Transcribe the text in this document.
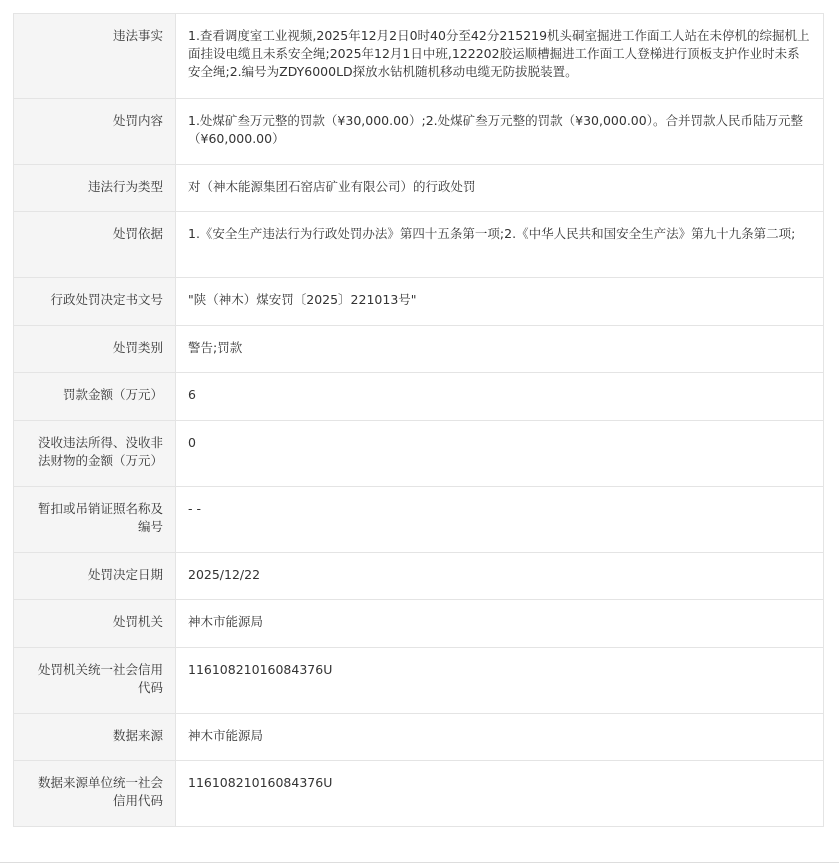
违法事实	1.查看调度室工业视频,2025年12月2日0时40分至42分215219机头硐室掘进工作面工人站在未停机的综掘机上面挂设电缆且未系安全绳;2025年12月1日中班,122202胶运顺槽掘进工作面工人登梯进行顶板支护作业时未系安全绳;2.编号为ZDY6000LD探放水钻机随机移动电缆无防拔脱装置。
处罚内容	1.处煤矿叁万元整的罚款（¥30,000.00）;2.处煤矿叁万元整的罚款（¥30,000.00）。合并罚款人民币陆万元整（¥60,000.00）
违法行为类型	对（神木能源集团石窑店矿业有限公司）的行政处罚
处罚依据	1.《安全生产违法行为行政处罚办法》第四十五条第一项;2.《中华人民共和国安全生产法》第九十九条第二项;
行政处罚决定书文号	"陕（神木）煤安罚〔2025〕221013号"
处罚类别	警告;罚款
罚款金额（万元）	6
没收违法所得、没收非法财物的金额（万元）	0
暂扣或吊销证照名称及编号	- -
处罚决定日期	2025/12/22
处罚机关	神木市能源局
处罚机关统一社会信用代码	11610821016084376U
数据来源	神木市能源局
数据来源单位统一社会信用代码	11610821016084376U
